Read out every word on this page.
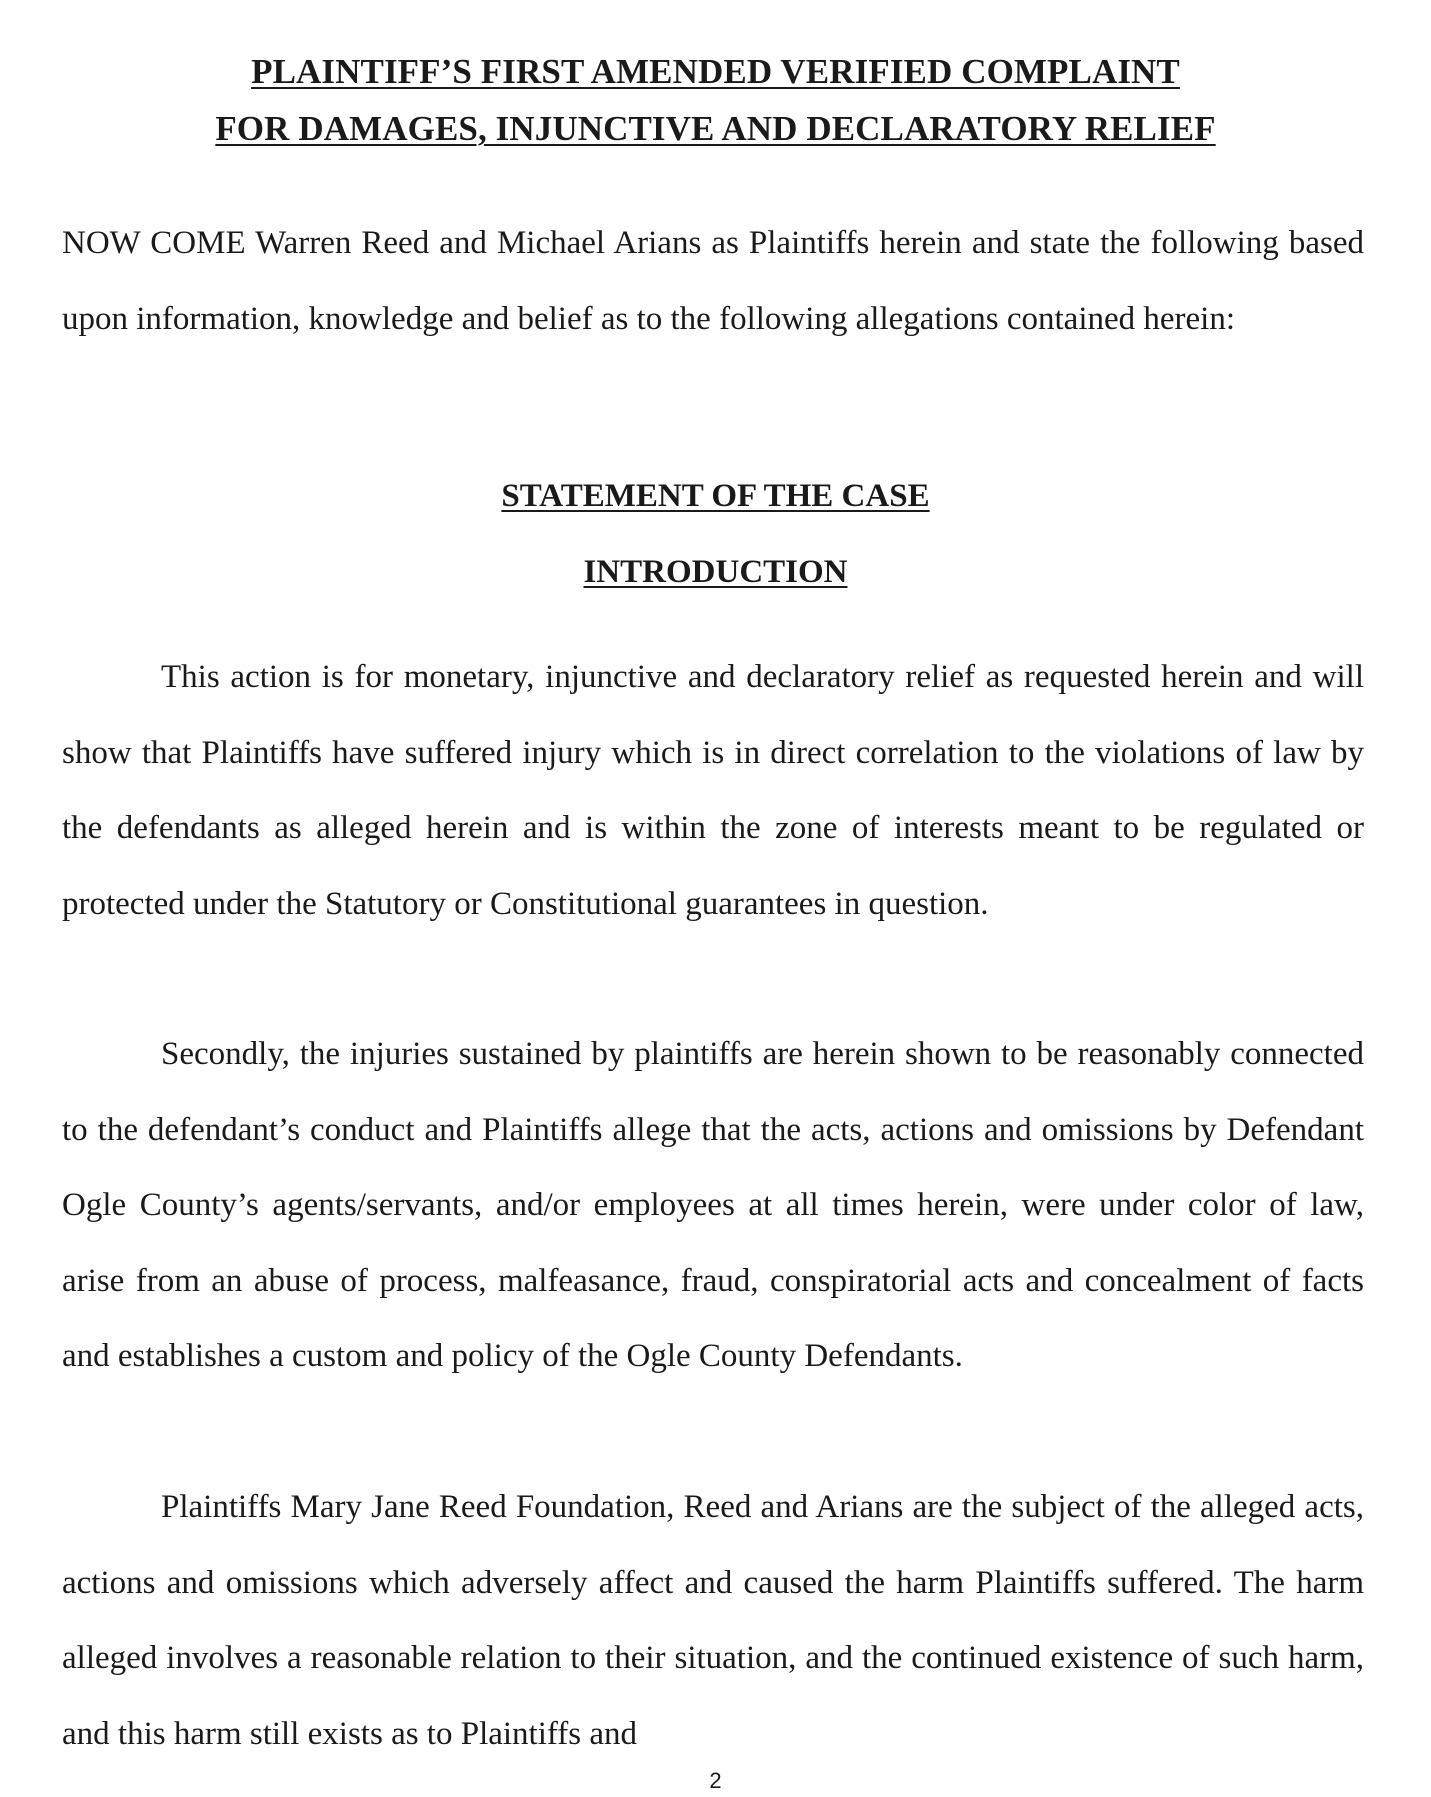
PLAINTIFF’S FIRST AMENDED VERIFIED COMPLAINT
FOR DAMAGES, INJUNCTIVE AND DECLARATORY RELIEF

NOW COME Warren Reed and Michael Arians as Plaintiffs herein and state the following based upon information, knowledge and belief as to the following allegations contained herein:

STATEMENT OF THE CASE
INTRODUCTION

This action is for monetary, injunctive and declaratory relief as requested herein and will show that Plaintiffs have suffered injury which is in direct correlation to the violations of law by the defendants as alleged herein and is within the zone of interests meant to be regulated or protected under the Statutory or Constitutional guarantees in question.

Secondly, the injuries sustained by plaintiffs are herein shown to be reasonably connected to the defendant’s conduct and Plaintiffs allege that the acts, actions and omissions by Defendant Ogle County’s agents/servants, and/or employees at all times herein, were under color of law, arise from an abuse of process, malfeasance, fraud, conspiratorial acts and concealment of facts and establishes a custom and policy of the Ogle County Defendants.

Plaintiffs Mary Jane Reed Foundation, Reed and Arians are the subject of the alleged acts, actions and omissions which adversely affect and caused the harm Plaintiffs suffered. The harm alleged involves a reasonable relation to their situation, and the continued existence of such harm, and this harm still exists as to Plaintiffs and

2
